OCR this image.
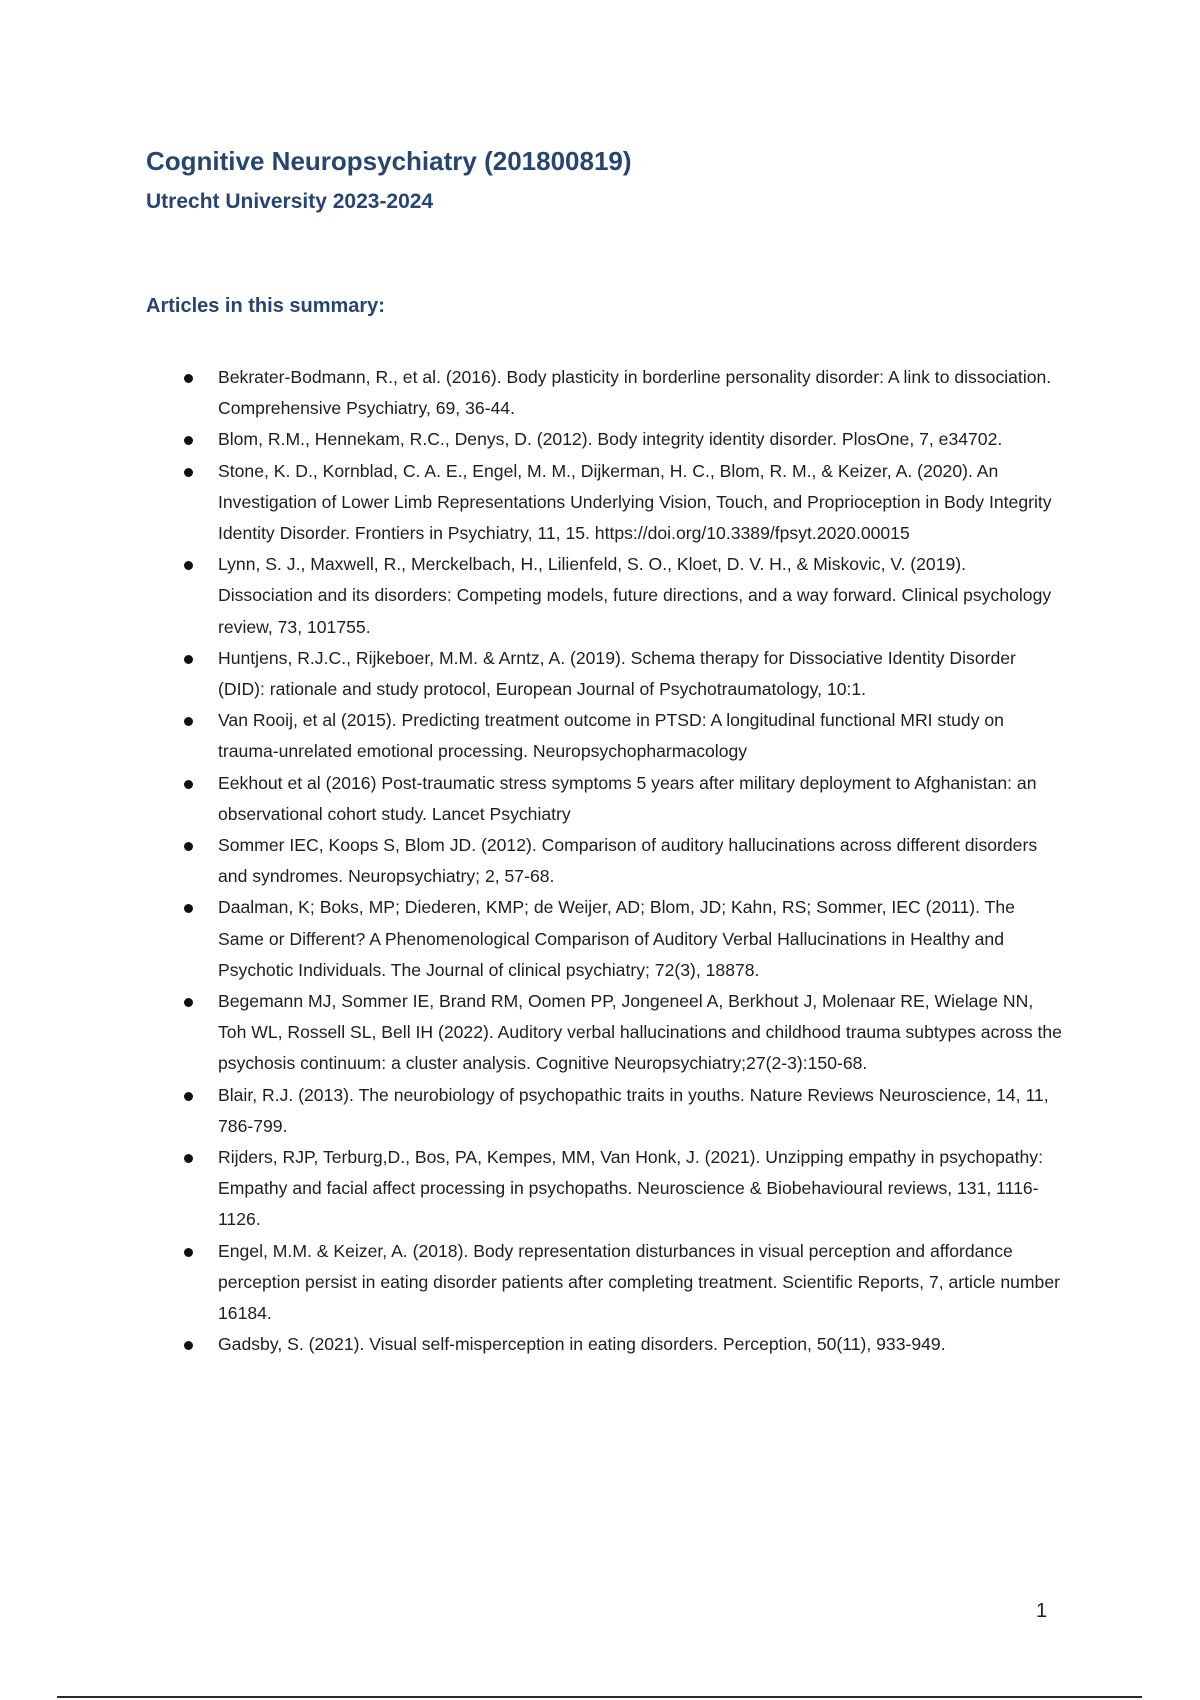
Cognitive Neuropsychiatry (201800819)
Utrecht University 2023-2024
Articles in this summary:
Bekrater-Bodmann, R., et al. (2016). Body plasticity in borderline personality disorder: A link to dissociation. Comprehensive Psychiatry, 69, 36-44.
Blom, R.M., Hennekam, R.C., Denys, D. (2012). Body integrity identity disorder. PlosOne, 7, e34702.
Stone, K. D., Kornblad, C. A. E., Engel, M. M., Dijkerman, H. C., Blom, R. M., & Keizer, A. (2020). An Investigation of Lower Limb Representations Underlying Vision, Touch, and Proprioception in Body Integrity Identity Disorder. Frontiers in Psychiatry, 11, 15. https://doi.org/10.3389/fpsyt.2020.00015
Lynn, S. J., Maxwell, R., Merckelbach, H., Lilienfeld, S. O., Kloet, D. V. H., & Miskovic, V. (2019). Dissociation and its disorders: Competing models, future directions, and a way forward. Clinical psychology review, 73, 101755.
Huntjens, R.J.C., Rijkeboer, M.M. & Arntz, A. (2019). Schema therapy for Dissociative Identity Disorder (DID): rationale and study protocol, European Journal of Psychotraumatology, 10:1.
Van Rooij, et al (2015). Predicting treatment outcome in PTSD: A longitudinal functional MRI study on trauma-unrelated emotional processing. Neuropsychopharmacology
Eekhout et al (2016) Post-traumatic stress symptoms 5 years after military deployment to Afghanistan: an observational cohort study. Lancet Psychiatry
Sommer IEC, Koops S, Blom JD. (2012). Comparison of auditory hallucinations across different disorders and syndromes. Neuropsychiatry; 2, 57-68.
Daalman, K; Boks, MP; Diederen, KMP; de Weijer, AD; Blom, JD; Kahn, RS; Sommer, IEC (2011). The Same or Different? A Phenomenological Comparison of Auditory Verbal Hallucinations in Healthy and Psychotic Individuals. The Journal of clinical psychiatry; 72(3), 18878.
Begemann MJ, Sommer IE, Brand RM, Oomen PP, Jongeneel A, Berkhout J, Molenaar RE, Wielage NN, Toh WL, Rossell SL, Bell IH (2022). Auditory verbal hallucinations and childhood trauma subtypes across the psychosis continuum: a cluster analysis. Cognitive Neuropsychiatry;27(2-3):150-68.
Blair, R.J. (2013). The neurobiology of psychopathic traits in youths. Nature Reviews Neuroscience, 14, 11, 786-799.
Rijders, RJP, Terburg,D., Bos, PA, Kempes, MM, Van Honk, J. (2021). Unzipping empathy in psychopathy: Empathy and facial affect processing in psychopaths. Neuroscience & Biobehavioural reviews, 131, 1116-1126.
Engel, M.M. & Keizer, A. (2018). Body representation disturbances in visual perception and affordance perception persist in eating disorder patients after completing treatment. Scientific Reports, 7, article number 16184.
Gadsby, S. (2021). Visual self-misperception in eating disorders. Perception, 50(11), 933-949.
1
